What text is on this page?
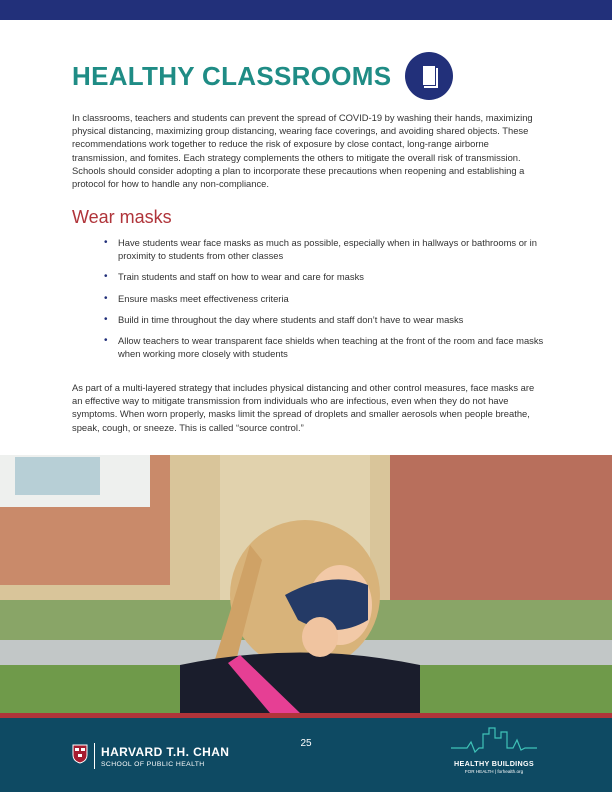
HEALTHY CLASSROOMS

In classrooms, teachers and students can prevent the spread of COVID-19 by washing their hands, maximizing physical distancing, maximizing group distancing, wearing face coverings, and avoiding shared objects. These recommendations work together to reduce the risk of exposure by close contact, long-range airborne transmission, and fomites. Each strategy complements the others to mitigate the overall risk of transmission. Schools should consider adopting a plan to incorporate these precautions when reopening and establishing a protocol for how to handle any non-compliance.

Wear masks
• Have students wear face masks as much as possible, especially when in hallways or bathrooms or in proximity to students from other classes
• Train students and staff on how to wear and care for masks
• Ensure masks meet effectiveness criteria
• Build in time throughout the day where students and staff don’t have to wear masks
• Allow teachers to wear transparent face shields when teaching at the front of the room and face masks when working more closely with students

As part of a multi-layered strategy that includes physical distancing and other control measures, face masks are an effective way to mitigate transmission from individuals who are infectious, even when they do not have symptoms. When worn properly, masks limit the spread of droplets and smaller aerosols when people breathe, speak, cough, or sneeze. This is called “source control.”

HARVARD T.H. CHAN
SCHOOL OF PUBLIC HEALTH
25
HEALTHY BUILDINGS
FOR HEALTH | forhealth.org
